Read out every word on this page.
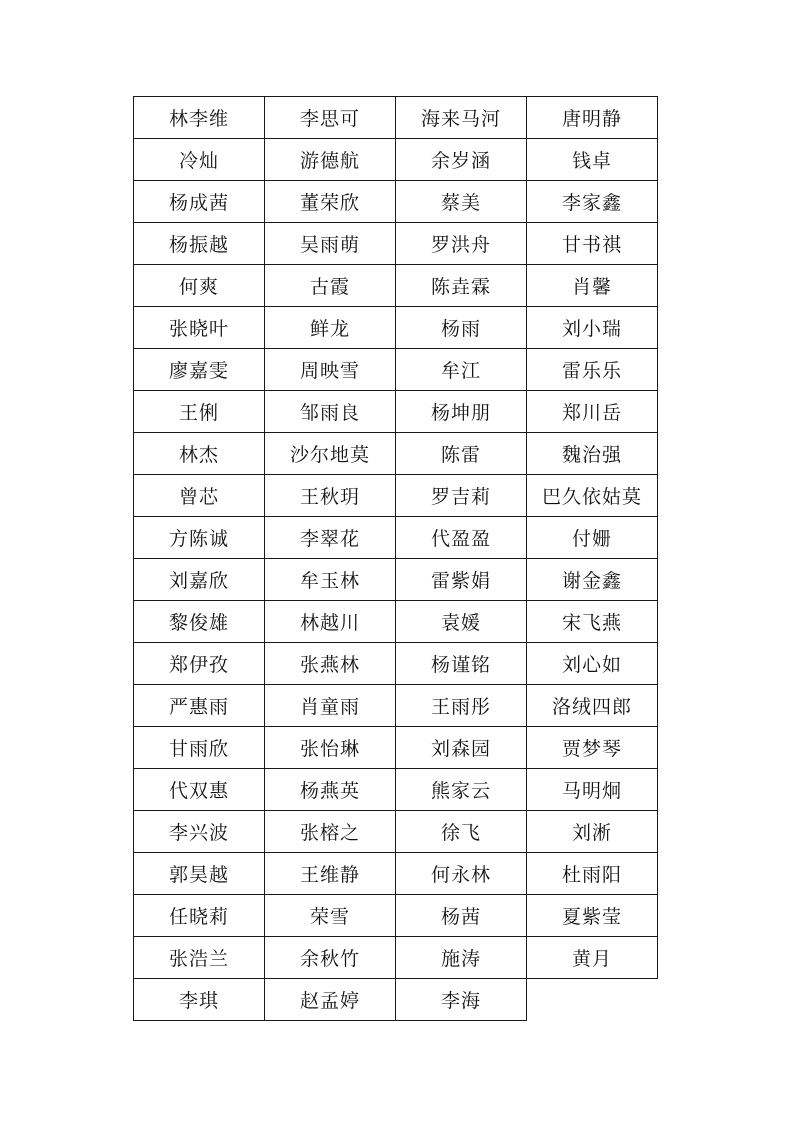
林李维	李思可	海来马河	唐明静
冷灿	游德航	余岁涵	钱卓
杨成茜	董荣欣	蔡美	李家鑫
杨振越	吴雨萌	罗洪舟	甘书祺
何爽	古霞	陈垚霖	肖馨
张晓叶	鲜龙	杨雨	刘小瑞
廖嘉雯	周映雪	牟江	雷乐乐
王俐	邹雨良	杨坤朋	郑川岳
林杰	沙尔地莫	陈雷	魏治强
曾芯	王秋玥	罗吉莉	巴久依姑莫
方陈诚	李翠花	代盈盈	付姗
刘嘉欣	牟玉林	雷紫娟	谢金鑫
黎俊雄	林越川	袁媛	宋飞燕
郑伊孜	张燕林	杨谨铭	刘心如
严惠雨	肖童雨	王雨彤	洛绒四郎
甘雨欣	张怡琳	刘森园	贾梦琴
代双惠	杨燕英	熊家云	马明炯
李兴波	张榕之	徐飞	刘淅
郭昊越	王维静	何永林	杜雨阳
任晓莉	荣雪	杨茜	夏紫莹
张浩兰	余秋竹	施涛	黄月
李琪	赵孟婷	李海	
